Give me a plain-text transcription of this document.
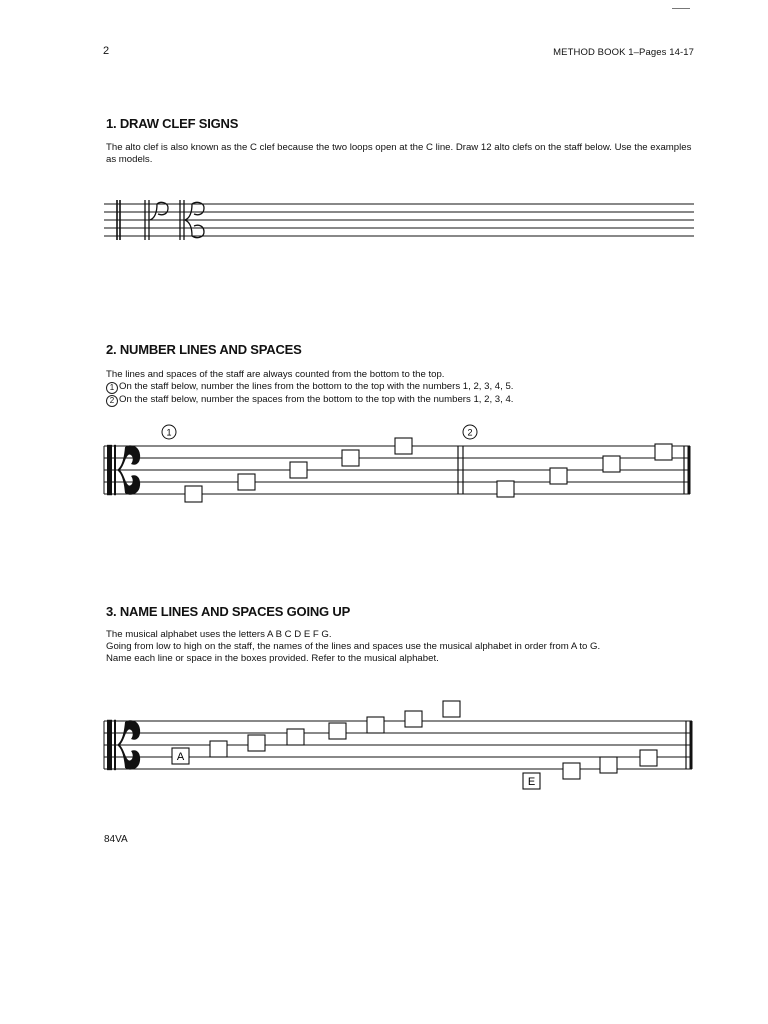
2	METHOD BOOK 1–Pages 14-17
1. DRAW CLEF SIGNS
The alto clef is also known as the C clef because the two loops open at the C line. Draw 12 alto clefs on the staff below. Use the examples as models.
2. NUMBER LINES AND SPACES

The lines and spaces of the staff are always counted from the bottom to the top.

1 On the staff below, number the lines from the bottom to the top with the numbers 1, 2, 3, 4, 5.

2 On the staff below, number the spaces from the bottom to the top with the numbers 1, 2, 3, 4.

3. NAME LINES AND SPACES GOING UP

The musical alphabet uses the letters A B C D E F G.

Going from low to high on the staff, the names of the lines and spaces use the musical alphabet in order from A to G.

Name each line or space in the boxes provided. Refer to the musical alphabet.

84VA
1	2
A
E
